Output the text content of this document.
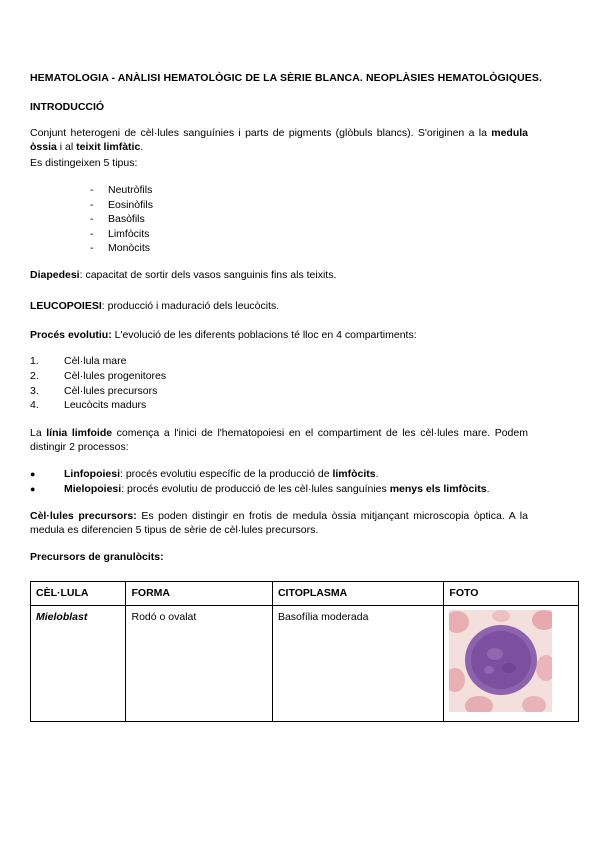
HEMATOLOGIA - ANÀLISI HEMATOLÒGIC DE LA SÈRIE BLANCA. NEOPLÀSIES HEMATOLÒGIQUES.
INTRODUCCIÓ
Conjunt heterogeni de cèl·lules sanguínies i parts de pigments (glòbuls blancs). S'originen a la medula òssia i al teixit limfàtic.
Es distingeixen 5 tipus:
- Neutròfils
- Eosinòfils
- Basòfils
- Limfòcits
- Monòcits
Diapedesi: capacitat de sortir dels vasos sanguinis fins als teixits.
LEUCOPOIESI: producció i maduració dels leucòcits.
Procés evolutiu: L'evolució de les diferents poblacions té lloc en 4 compartiments:
1. Cèl·lula mare
2. Cèl·lules progenitores
3. Cèl·lules precursors
4. Leucòcits madurs
La línia limfoide comença a l'inici de l'hematopoiesi en el compartiment de les cèl·lules mare. Podem distingir 2 processos:
●	Linfopoiesi: procés evolutiu específic de la producció de limfòcits.
●	Mielopoiesi: procés evolutiu de producció de les cèl·lules sanguínies menys els limfòcits.
Cèl·lules precursors: Es poden distingir en frotis de medula òssia mitjançant microscopia òptica. A la medula es diferencien 5 tipus de sèrie de cèl·lules precursors.
Precursors de granulòcits:
CÈL·LULA	FORMA	CITOPLASMA	FOTO
Mieloblast	Rodó o ovalat	Basofília moderada	
